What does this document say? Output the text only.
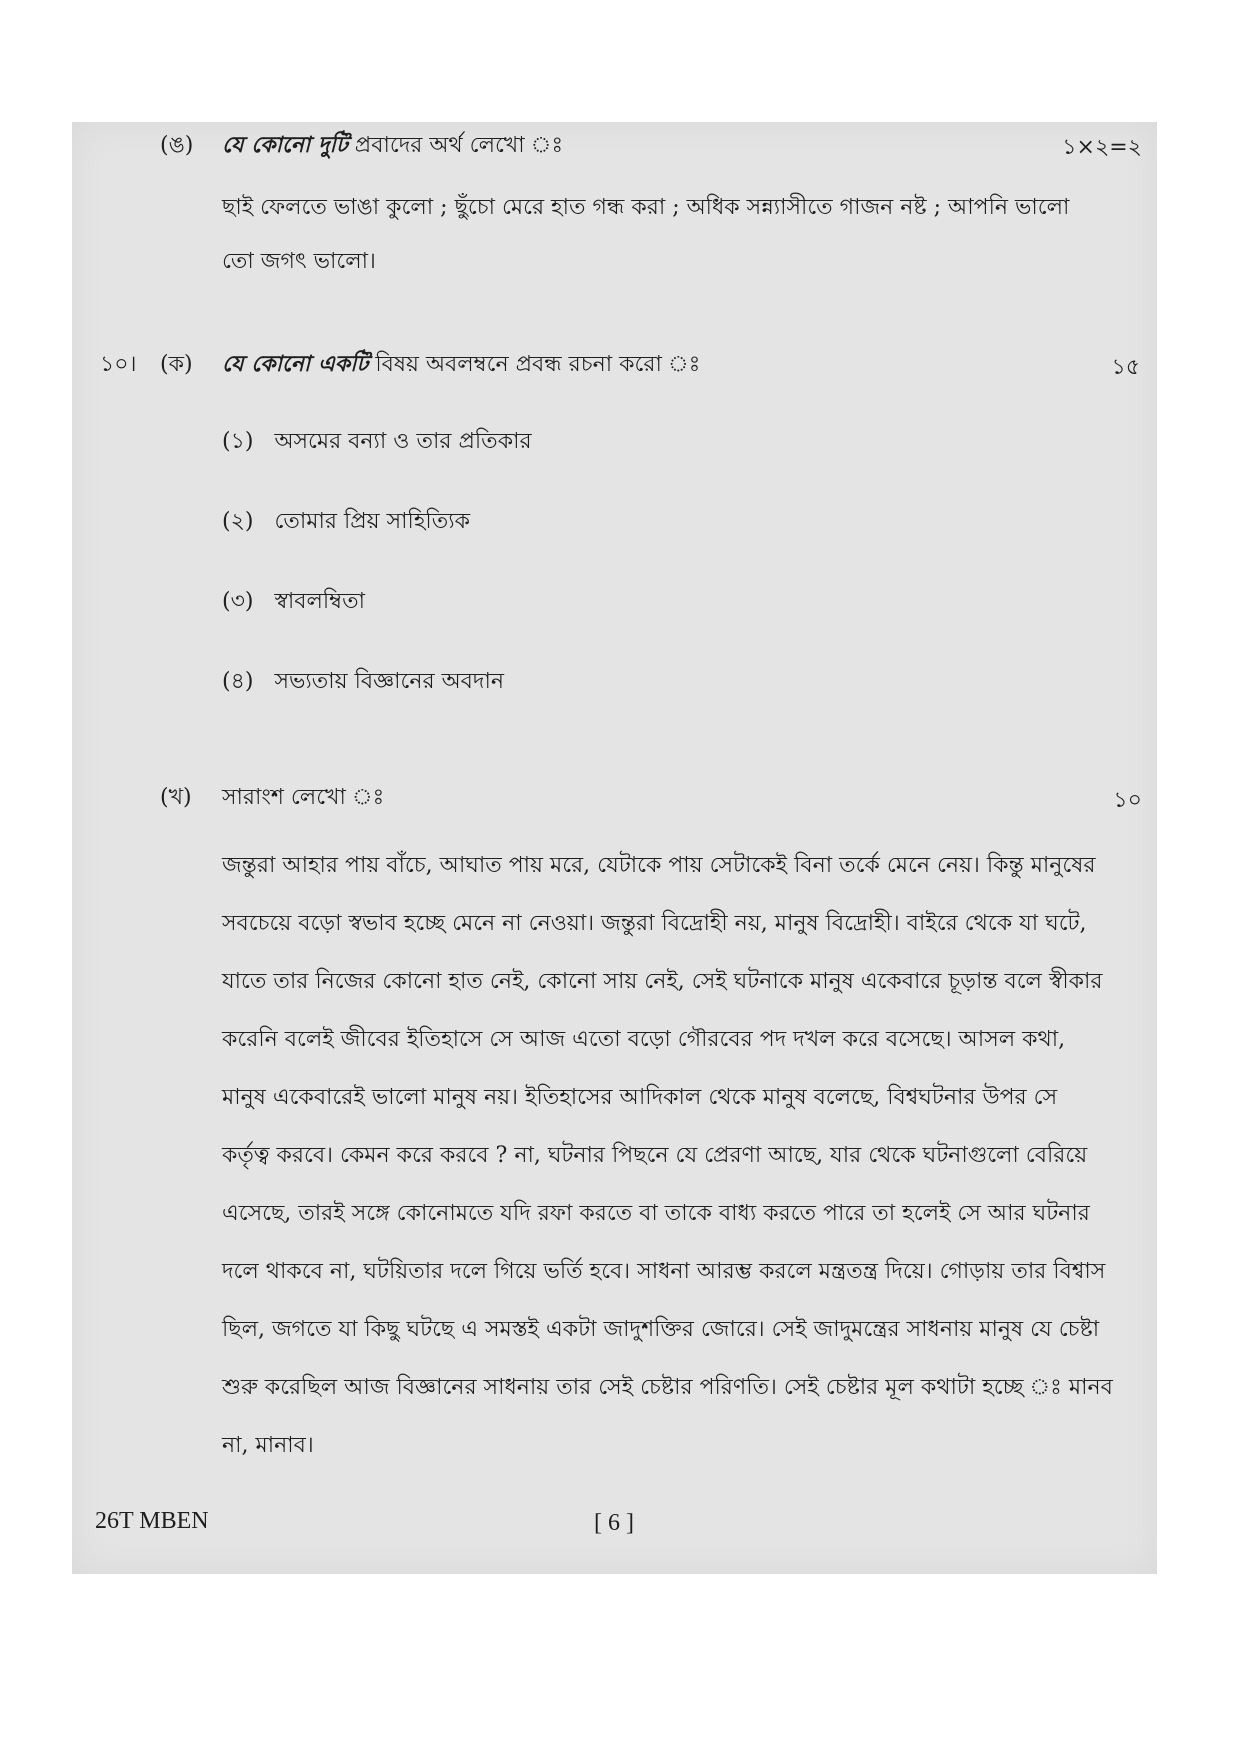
(ঙ) যে কোনো দুটি প্রবাদের অর্থ লেখো ঃ	১×২=২
ছাই ফেলতে ভাঙা কুলো ; ছুঁচো মেরে হাত গন্ধ করা ; অধিক সন্ন্যাসীতে গাজন নষ্ট ; আপনি ভালো
তো জগৎ ভালো।
১০। (ক) যে কোনো একটি বিষয় অবলম্বনে প্রবন্ধ রচনা করো ঃ	১৫
(১) অসমের বন্যা ও তার প্রতিকার
(২) তোমার প্রিয় সাহিত্যিক
(৩) স্বাবলম্বিতা
(৪) সভ্যতায় বিজ্ঞানের অবদান
(খ) সারাংশ লেখো ঃ	১০
জন্তুরা আহার পায় বাঁচে, আঘাত পায় মরে, যেটাকে পায় সেটাকেই বিনা তর্কে মেনে নেয়। কিন্তু মানুষের
সবচেয়ে বড়ো স্বভাব হচ্ছে মেনে না নেওয়া। জন্তুরা বিদ্রোহী নয়, মানুষ বিদ্রোহী। বাইরে থেকে যা ঘটে,
যাতে তার নিজের কোনো হাত নেই, কোনো সায় নেই, সেই ঘটনাকে মানুষ একেবারে চূড়ান্ত বলে স্বীকার
করেনি বলেই জীবের ইতিহাসে সে আজ এতো বড়ো গৌরবের পদ দখল করে বসেছে। আসল কথা,
মানুষ একেবারেই ভালো মানুষ নয়। ইতিহাসের আদিকাল থেকে মানুষ বলেছে, বিশ্বঘটনার উপর সে
কর্তৃত্ব করবে। কেমন করে করবে ? না, ঘটনার পিছনে যে প্রেরণা আছে, যার থেকে ঘটনাগুলো বেরিয়ে
এসেছে, তারই সঙ্গে কোনোমতে যদি রফা করতে বা তাকে বাধ্য করতে পারে তা হলেই সে আর ঘটনার
দলে থাকবে না, ঘটয়িতার দলে গিয়ে ভর্তি হবে। সাধনা আরম্ভ করলে মন্ত্রতন্ত্র দিয়ে। গোড়ায় তার বিশ্বাস
ছিল, জগতে যা কিছু ঘটছে এ সমস্তই একটা জাদুশক্তির জোরে। সেই জাদুমন্ত্রের সাধনায় মানুষ যে চেষ্টা
শুরু করেছিল আজ বিজ্ঞানের সাধনায় তার সেই চেষ্টার পরিণতি। সেই চেষ্টার মূল কথাটা হচ্ছে ঃ মানব
না, মানাব।
26T MBEN	[ 6 ]
